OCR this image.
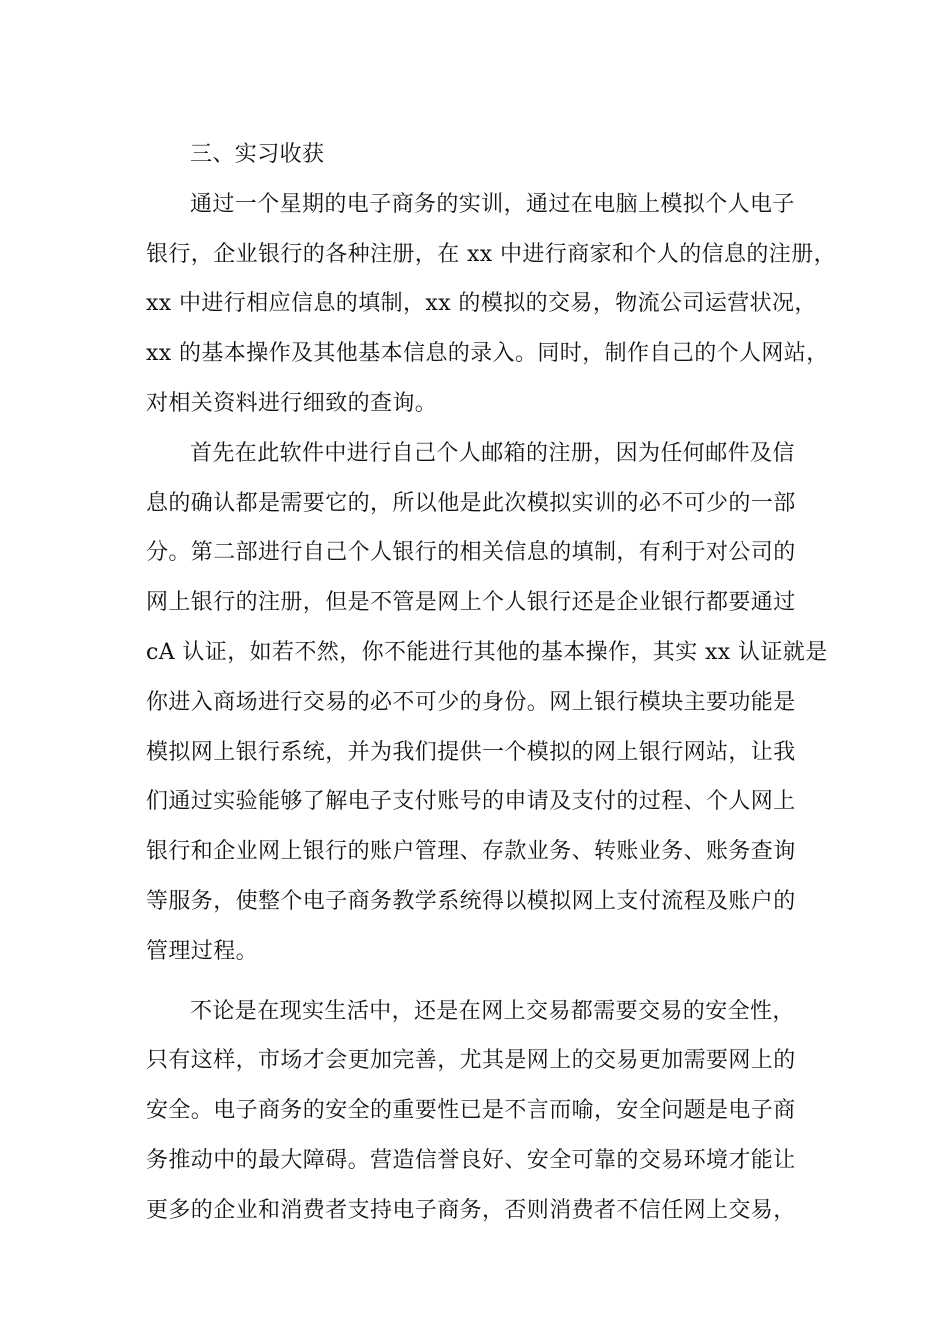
三、实习收获
通过一个星期的电子商务的实训，通过在电脑上模拟个人电子
银行，企业银行的各种注册，在 xx 中进行商家和个人的信息的注册，
xx 中进行相应信息的填制，xx 的模拟的交易，物流公司运营状况，
xx 的基本操作及其他基本信息的录入。同时，制作自己的个人网站，
对相关资料进行细致的查询。
首先在此软件中进行自己个人邮箱的注册，因为任何邮件及信
息的确认都是需要它的，所以他是此次模拟实训的必不可少的一部
分。第二部进行自己个人银行的相关信息的填制，有利于对公司的
网上银行的注册，但是不管是网上个人银行还是企业银行都要通过
cA 认证，如若不然，你不能进行其他的基本操作，其实 xx 认证就是
你进入商场进行交易的必不可少的身份。网上银行模块主要功能是
模拟网上银行系统，并为我们提供一个模拟的网上银行网站，让我
们通过实验能够了解电子支付账号的申请及支付的过程、个人网上
银行和企业网上银行的账户管理、存款业务、转账业务、账务查询
等服务，使整个电子商务教学系统得以模拟网上支付流程及账户的
管理过程。
不论是在现实生活中，还是在网上交易都需要交易的安全性，
只有这样，市场才会更加完善，尤其是网上的交易更加需要网上的
安全。电子商务的安全的重要性已是不言而喻，安全问题是电子商
务推动中的最大障碍。营造信誉良好、安全可靠的交易环境才能让
更多的企业和消费者支持电子商务，否则消费者不信任网上交易，
